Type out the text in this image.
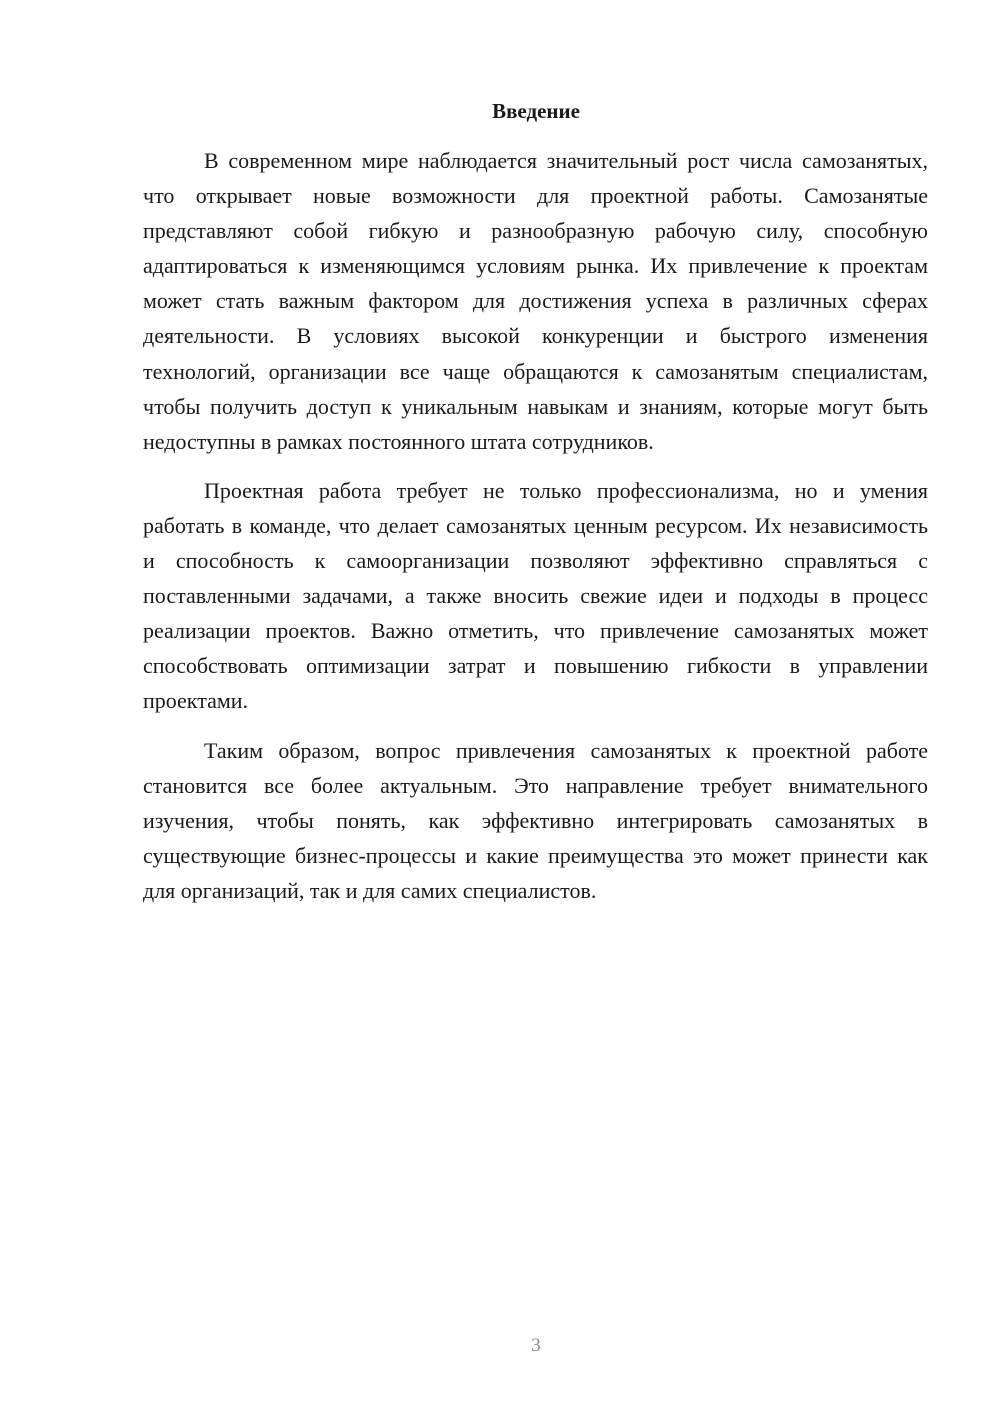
Введение

В современном мире наблюдается значительный рост числа самозанятых, что открывает новые возможности для проектной работы. Самозанятые представляют собой гибкую и разнообразную рабочую силу, способную адаптироваться к изменяющимся условиям рынка. Их привлечение к проектам может стать важным фактором для достижения успеха в различных сферах деятельности. В условиях высокой конкуренции и быстрого изменения технологий, организации все чаще обращаются к самозанятым специалистам, чтобы получить доступ к уникальным навыкам и знаниям, которые могут быть недоступны в рамках постоянного штата сотрудников.

Проектная работа требует не только профессионализма, но и умения работать в команде, что делает самозанятых ценным ресурсом. Их независимость и способность к самоорганизации позволяют эффективно справляться с поставленными задачами, а также вносить свежие идеи и подходы в процесс реализации проектов. Важно отметить, что привлечение самозанятых может способствовать оптимизации затрат и повышению гибкости в управлении проектами.

Таким образом, вопрос привлечения самозанятых к проектной работе становится все более актуальным. Это направление требует внимательного изучения, чтобы понять, как эффективно интегрировать самозанятых в существующие бизнес-процессы и какие преимущества это может принести как для организаций, так и для самих специалистов.

3
